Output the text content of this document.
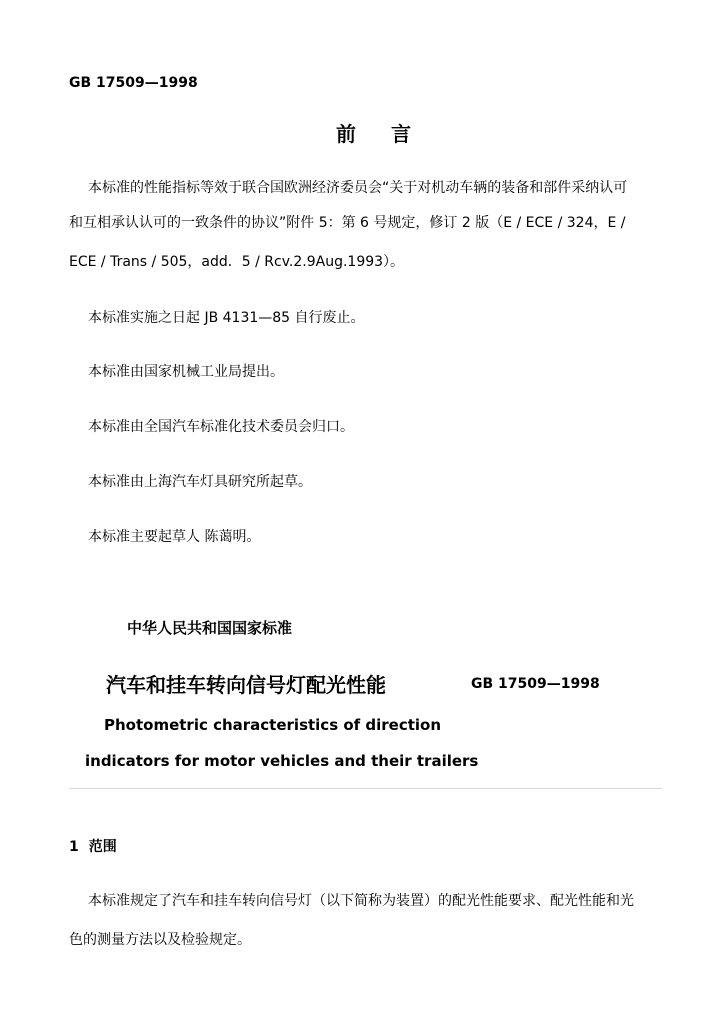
GB 17509—1998
前 言
本标准的性能指标等效于联合国欧洲经济委员会“关于对机动车辆的装备和部件采纳认可
和互相承认认可的一致条件的协议”附件 5：第 6 号规定，修订 2 版（E / ECE / 324，E /
ECE / Trans / 505，add．5 / Rcv.2.9Aug.1993）。
本标准实施之日起 JB 4131—85 自行废止。
本标准由国家机械工业局提出。
本标准由全国汽车标准化技术委员会归口。
本标准由上海汽车灯具研究所起草。
本标准主要起草人 陈蔼明。
中华人民共和国国家标准
汽车和挂车转向信号灯配光性能	GB 17509—1998
Photometric characteristics of direction
indicators for motor vehicles and their trailers
1 范围
本标准规定了汽车和挂车转向信号灯（以下简称为装置）的配光性能要求、配光性能和光
色的测量方法以及检验规定。
